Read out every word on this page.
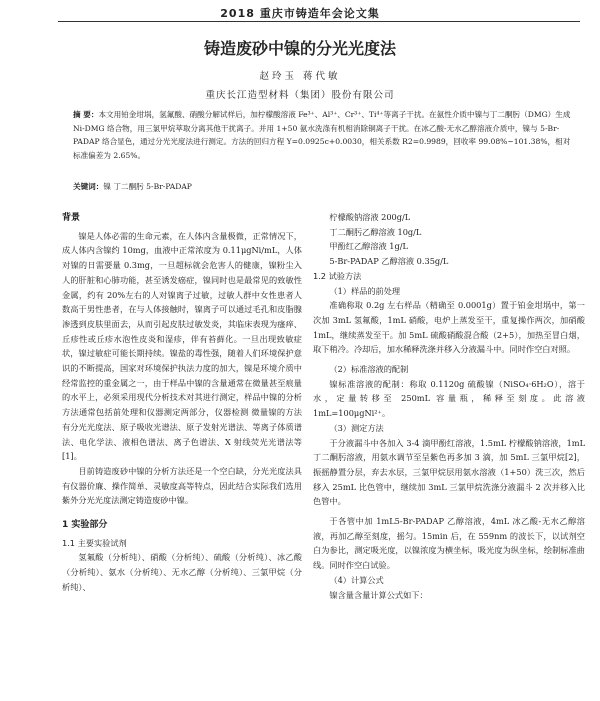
2018 重庆市铸造年会论文集
铸造废砂中镍的分光光度法
赵玲玉 蒋代敏
重庆长江造型材料（集团）股份有限公司
摘 要：本文用铂金坩埚，氢氟酸、硝酸分解试样后，加柠檬酸溶液 Fe³⁺、Al³⁺、Cr³⁺、Ti⁴⁺等离子干扰。在氨性介质中镍与丁二酮肟（DMG）生成 Ni-DMG 络合物，用三氯甲烷萃取分离其他干扰离子。并用 1+50 氨水洗涤有机相消除铜离子干扰。在冰乙酸-无水乙醇溶液介质中，镍与 5-Br-PADAP 络合显色，通过分光光度法进行测定。方法的回归方程 Y=0.0925c+0.0030，相关系数 R2=0.9989，回收率 99.08%~101.38%，相对标准偏差为 2.65%。
关键词：镍 丁二酮肟 5-Br-PADAP
背景

镍是人体必需的生命元素，在人体内含量极微，正常情况下，成人体内含镍约 10mg，血液中正常浓度为 0.11μgNi/mL，人体对镍的日需要量 0.3mg，一旦超标就会危害人的健康，镍粉尘入人的肝脏和心肺功能，甚至诱发癌症，镍同时也是最常见的致敏性金属，约有 20%左右的人对镍离子过敏，过敏人群中女性患者人数高于男性患者，在与人体接触时，镍离子可以通过毛孔和皮脂腺渗透到皮肤里面去，从而引起皮肤过敏发炎，其临床表现为瘙痒、丘疹性或丘疹水泡性皮炎和湿疹，伴有苔藓化。一旦出现致敏症状，镍过敏症可能长期持续。镍盐的毒性强，随着人们环境保护意识的不断提高，国家对环境保护执法力度的加大，镍是环境介质中经常监控的重金属之一，由于样品中镍的含量通常在微量甚至痕量的水平上，必须采用现代分析技术对其进行测定，样品中镍的分析方法通常包括前处理和仪器测定两部分，仪器检测 微量镍的方法有分光光度法、原子吸收光谱法、原子发射光谱法、等离子体质谱法、电化学法、液相色谱法、离子色谱法、X 射线荧光光谱法等[1]。

目前铸造废砂中镍的分析方法还是一个空白缺，分光光度法具有仪器价廉、操作简单、灵敏度高等特点，因此结合实际我们选用紫外分光光度法测定铸造废砂中镍。

1 实验部分
1.1 主要实验试剂

氢氟酸（分析纯）、硝酸（分析纯）、硫酸（分析纯）、冰乙酸（分析纯）、氨水（分析纯）、无水乙醇（分析纯）、三氯甲烷（分析纯）、

柠檬酸钠溶液 200g/L

丁二酮肟乙醇溶液 10g/L

甲酚红乙醇溶液 1g/L

5-Br-PADAP 乙醇溶液 0.35g/L

1.2 试验方法

（1）样品的前处理

准确称取 0.2g 左右样品（精确至 0.0001g）置于铂金坩埚中，第一次加 3mL 氢氟酸，1mL 硝酸，电炉上蒸发至干，重复操作两次，加硝酸 1mL，继续蒸发至干。加 5mL 硫酸硝酸混合酸（2+5），加热至冒白烟，取下稍冷。冷却后，加水稀释洗涤并移入分液漏斗中。同时作空白对照。

（2）标准溶液的配制

镍标准溶液的配制：称取 0.1120g 硫酸镍（NiSO₄·6H₂O），溶于水，定量转移至 250mL 容量瓶，稀释至刻度。此溶液 1mL=100μgNi²⁺。

（3）测定方法

于分液漏斗中各加入 3-4 滴甲酚红溶液，1.5mL 柠檬酸钠溶液，1mL 丁二酮肟溶液，用氨水调节至呈紫色再多加 3 滴，加 5mL 三氯甲烷[2]，振摇静置分层，弃去水层，三氯甲烷层用氨水溶液（1+50）洗三次，然后移入 25mL 比色管中，继续加 3mL 三氯甲烷洗涤分液漏斗 2 次并移入比色管中。

于各管中加 1mL5-Br-PADAP 乙醇溶液，4mL 冰乙酸-无水乙醇溶液，再加乙醇至刻度，摇匀。15min 后，在 559nm 的波长下，以试剂空白为参比，测定吸光度，以镍浓度为横坐标，吸光度为纵坐标，绘制标准曲线。同时作空白试验。

（4）计算公式

镍含量含量计算公式如下：
